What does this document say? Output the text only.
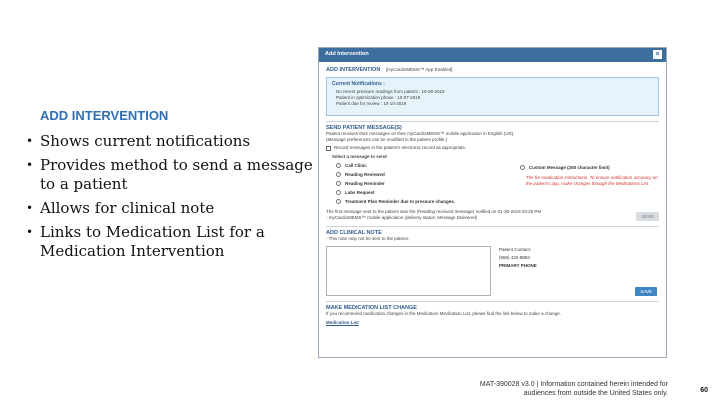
ADD INTERVENTION
• Shows current notifications
• Provides method to send a message to a patient
• Allows for clinical note
• Links to Medication List for a Medication Intervention
Add Intervention	×
ADD INTERVENTION [myCardioMEMS™ App Enabled]
Current Notifications :
No recent pressure readings from patient : 10-09-2019
Patient in optimization phase : 10-07-2019
Patient due for review : 10-10-2019
SEND PATIENT MESSAGE(S)
Patient receives their messages on their myCardioMEMS™ mobile application in English (US).
(Message preferences can be modified in the patient profile.)
Record messages in the patient's electronic record as appropriate.
Select a message to send
Call Clinic
Reading Reviewed
Reading Reminder
Labs Request
Treatment Plan Reminder due to pressure changes.
Custom Message (250 character limit)
The for medication instructions. To ensure notification accuracy on the patient's app, make changes through the Medications List.
The first message sent to the patient was the (Reading received message) notified on 01-30-2019 03:25 PM
- myCardioMEMS™ mobile application (delivery status: Message Delivered)	SEND
ADD CLINICAL NOTE
- This note may not be sent to the patient.
Patient Contact:
(555) 432-9883
PRIMARY PHONE
SAVE
MAKE MEDICATION LIST CHANGE
If you recommend medication changes in the Medication Medication List, please find the link below to make a change.
Medication List
MAT-390028 v3.0 | Information contained herein intended for
audiences from outside the United States only.	60
